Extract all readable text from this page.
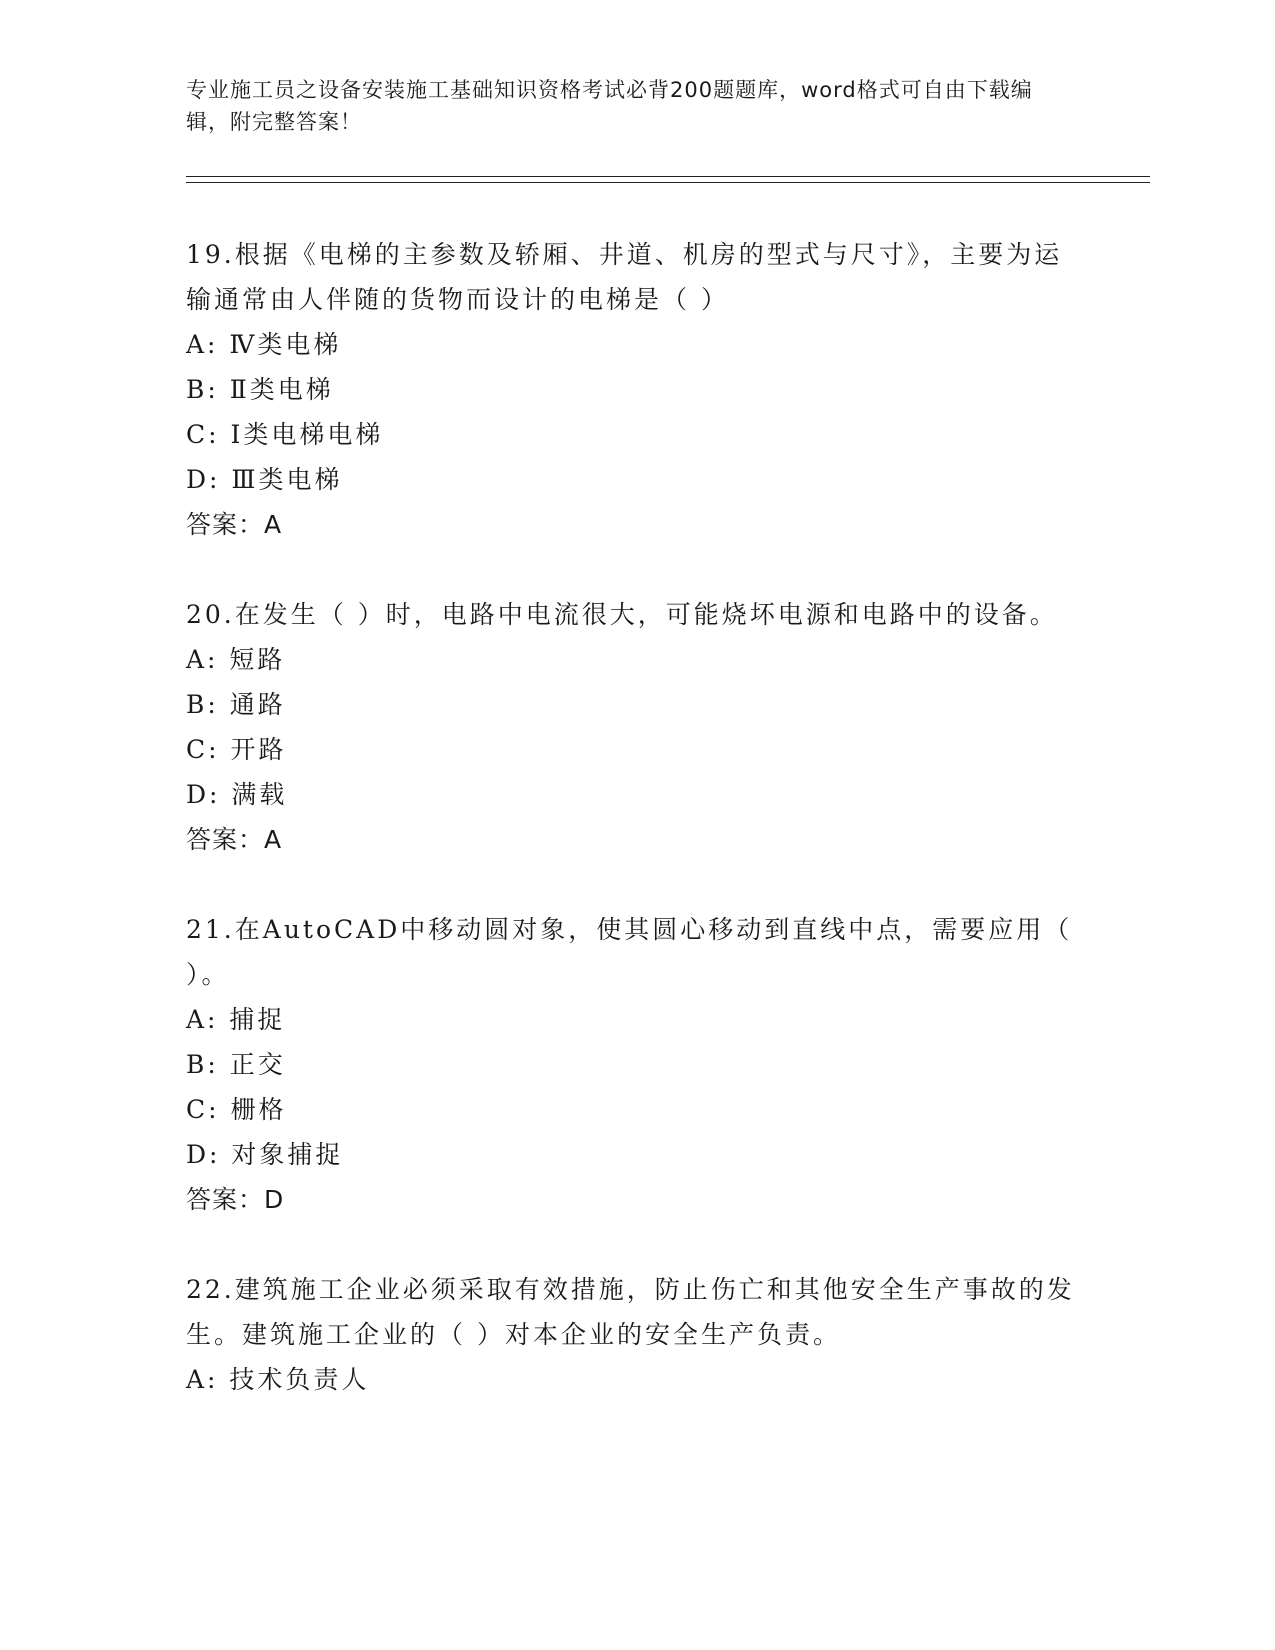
专业施工员之设备安装施工基础知识资格考试必背200题题库，word格式可自由下载编辑，附完整答案！

19.根据《电梯的主参数及轿厢、井道、机房的型式与尺寸》，主要为运输通常由人伴随的货物而设计的电梯是（ ）

A: Ⅳ类电梯
B: Ⅱ类电梯
C: Ⅰ类电梯电梯
D: Ⅲ类电梯
答案：A

20.在发生（ ）时，电路中电流很大，可能烧坏电源和电路中的设备。

A: 短路
B: 通路
C: 开路
D: 满载
答案：A

21.在AutoCAD中移动圆对象，使其圆心移动到直线中点，需要应用（ ）。

A: 捕捉
B: 正交
C: 栅格
D: 对象捕捉
答案：D

22.建筑施工企业必须采取有效措施，防止伤亡和其他安全生产事故的发生。建筑施工企业的（ ）对本企业的安全生产负责。

A: 技术负责人
